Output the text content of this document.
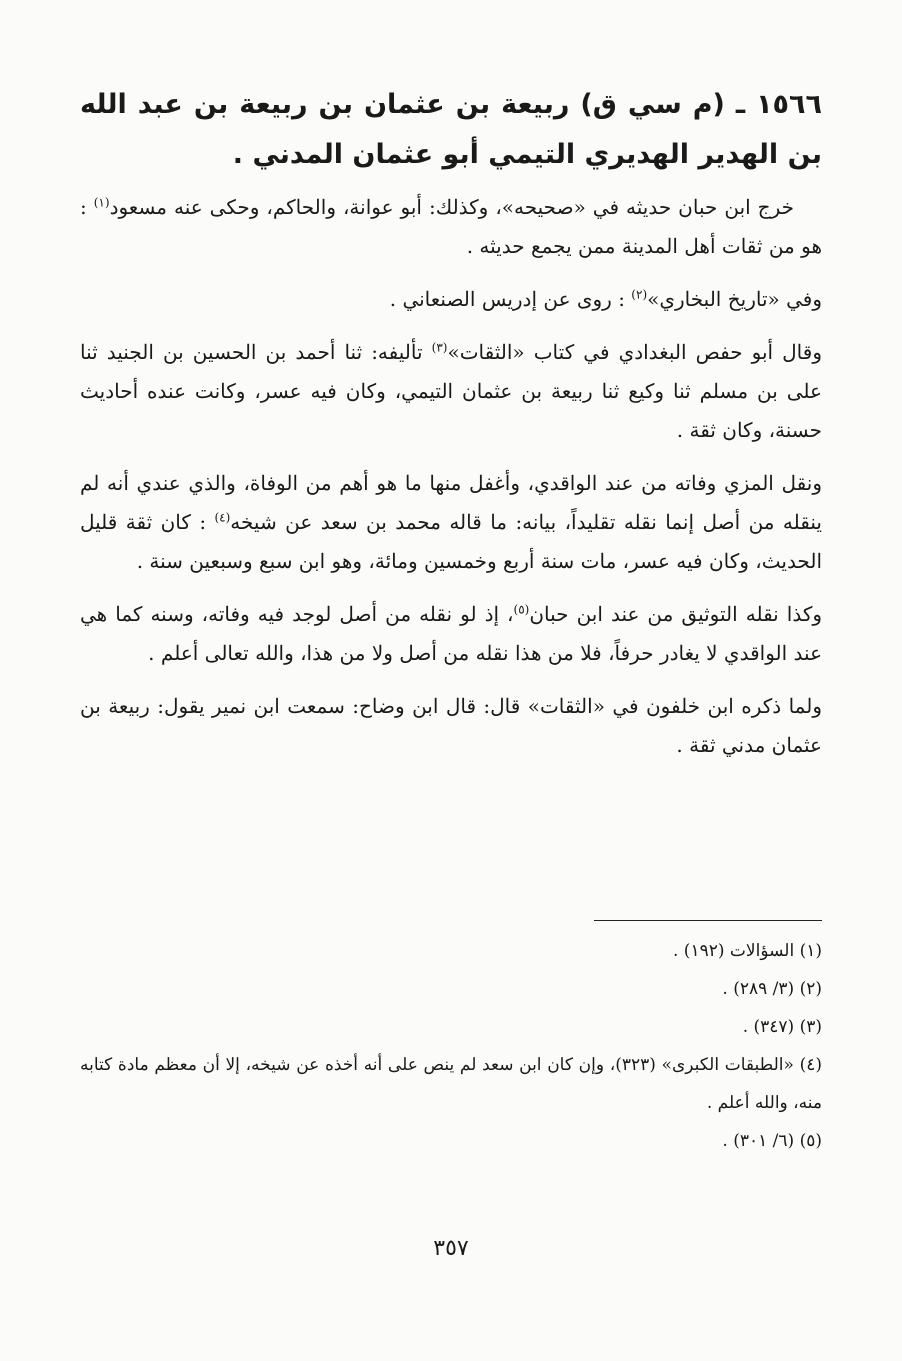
١٥٦٦ ـ (م سي ق) ربيعة بن عثمان بن ربيعة بن عبد الله بن الهدير الهديري التيمي أبو عثمان المدني .

خرج ابن حبان حديثه في «صحيحه»، وكذلك: أبو عوانة، والحاكم، وحكى عنه مسعود$^{(١)}$ : هو من ثقات أهل المدينة ممن يجمع حديثه .

وفي «تاريخ البخاري»$^{(٢)}$ : روى عن إدريس الصنعاني .

وقال أبو حفص البغدادي في كتاب «الثقات»$^{(٣)}$ تأليفه: ثنا أحمد بن الحسين بن الجنيد ثنا على بن مسلم ثنا وكيع ثنا ربيعة بن عثمان التيمي، وكان فيه عسر، وكانت عنده أحاديث حسنة، وكان ثقة .

ونقل المزي وفاته من عند الواقدي، وأغفل منها ما هو أهم من الوفاة، والذي عندي أنه لم ينقله من أصل إنما نقله تقليداً، بيانه: ما قاله محمد بن سعد عن شيخه$^{(٤)}$ : كان ثقة قليل الحديث، وكان فيه عسر، مات سنة أربع وخمسين ومائة، وهو ابن سبع وسبعين سنة .

وكذا نقله التوثيق من عند ابن حبان$^{(٥)}$، إذ لو نقله من أصل لوجد فيه وفاته، وسنه كما هي عند الواقدي لا يغادر حرفاً، فلا من هذا نقله من أصل ولا من هذا، والله تعالى أعلم .

ولما ذكره ابن خلفون في «الثقات» قال: قال ابن وضاح: سمعت ابن نمير يقول: ربيعة بن عثمان مدني ثقة .

(١) السؤالات (١٩٢) .

(٢) (٣/ ٢٨٩) .

(٣) (٣٤٧) .

(٤) «الطبقات الكبرى» (٣٢٣)، وإن كان ابن سعد لم ينص على أنه أخذه عن شيخه، إلا أن معظم مادة كتابه منه، والله أعلم .

(٥) (٦/ ٣٠١) .

٣٥٧
